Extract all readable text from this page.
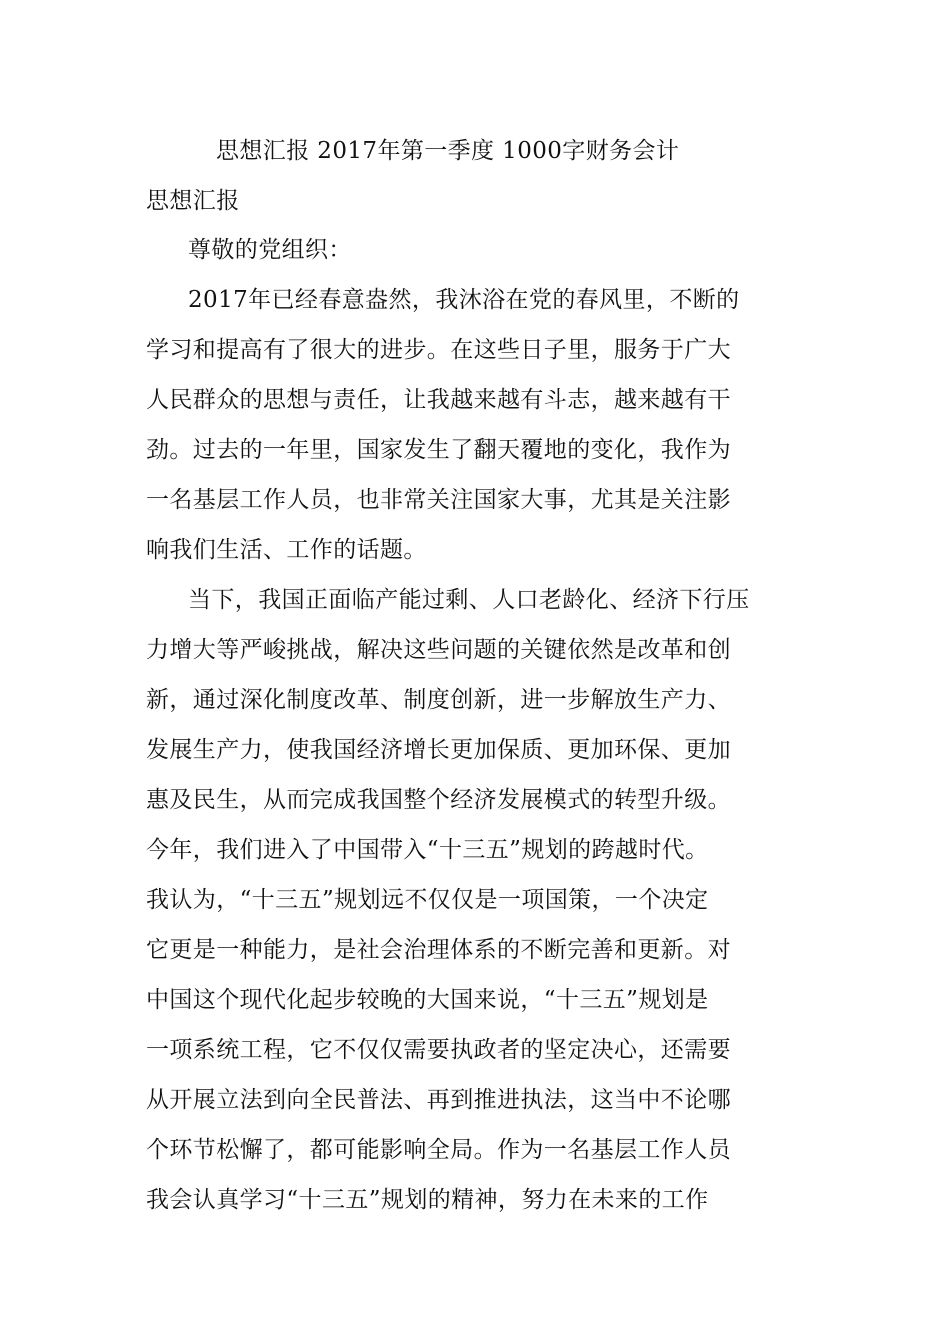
思想汇报 2017年第一季度 1000字财务会计
思想汇报
尊敬的党组织：
2017年已经春意盎然，我沐浴在党的春风里，不断的
学习和提高有了很大的进步。在这些日子里，服务于广大
人民群众的思想与责任，让我越来越有斗志，越来越有干
劲。过去的一年里，国家发生了翻天覆地的变化，我作为
一名基层工作人员，也非常关注国家大事，尤其是关注影
响我们生活、工作的话题。
当下，我国正面临产能过剩、人口老龄化、经济下行压
力增大等严峻挑战，解决这些问题的关键依然是改革和创
新，通过深化制度改革、制度创新，进一步解放生产力、
发展生产力，使我国经济增长更加保质、更加环保、更加
惠及民生，从而完成我国整个经济发展模式的转型升级。
今年，我们进入了中国带入“十三五”规划的跨越时代。
我认为，“十三五”规划远不仅仅是一项国策，一个决定
它更是一种能力，是社会治理体系的不断完善和更新。对
中国这个现代化起步较晚的大国来说，“十三五”规划是
一项系统工程，它不仅仅需要执政者的坚定决心，还需要
从开展立法到向全民普法、再到推进执法，这当中不论哪
个环节松懈了，都可能影响全局。作为一名基层工作人员
我会认真学习“十三五”规划的精神，努力在未来的工作
